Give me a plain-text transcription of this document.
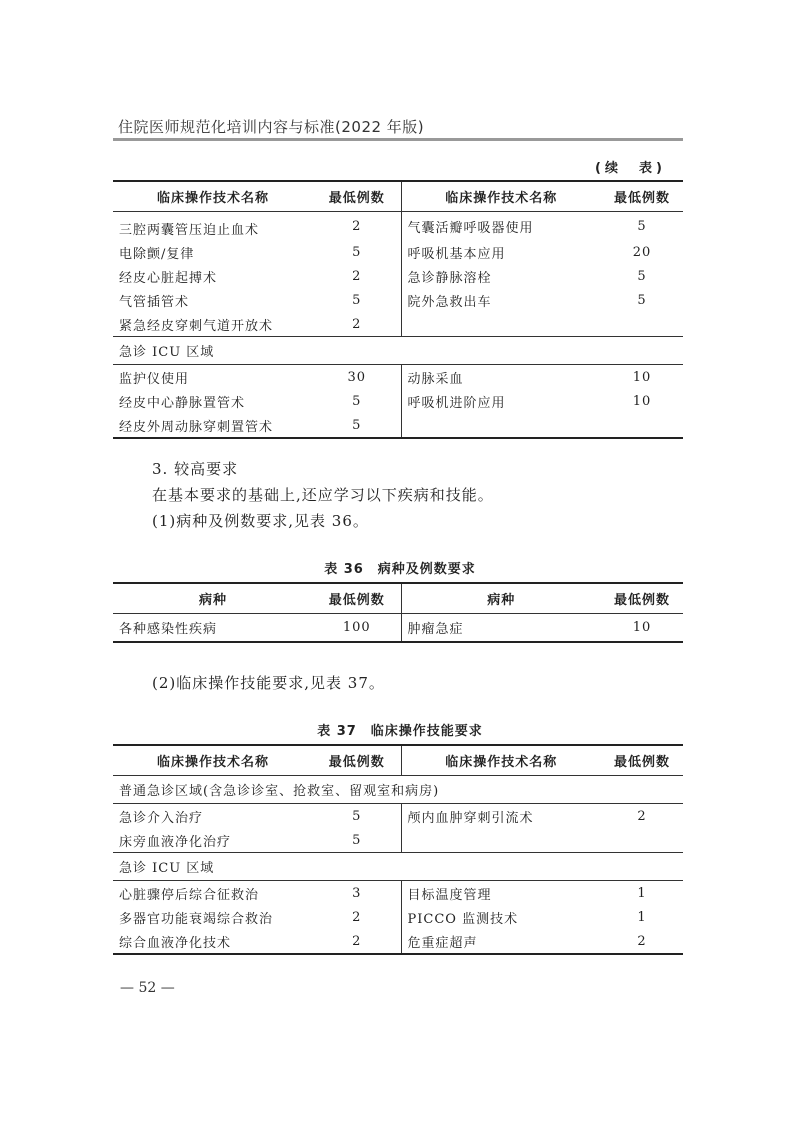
住院医师规范化培训内容与标准(2022 年版)
(续　表)
临床操作技术名称	最低例数	临床操作技术名称	最低例数
三腔两囊管压迫止血术	2	气囊活瓣呼吸器使用	5
电除颤/复律	5	呼吸机基本应用	20
经皮心脏起搏术	2	急诊静脉溶栓	5
气管插管术	5	院外急救出车	5
紧急经皮穿刺气道开放术	2		
急诊 ICU 区域			
监护仪使用	30	动脉采血	10
经皮中心静脉置管术	5	呼吸机进阶应用	10
经皮外周动脉穿刺置管术	5		
3. 较高要求
在基本要求的基础上,还应学习以下疾病和技能。
(1)病种及例数要求,见表 36。
表 36　病种及例数要求
病种	最低例数	病种	最低例数
各种感染性疾病	100	肿瘤急症	10
(2)临床操作技能要求,见表 37。
表 37　临床操作技能要求
临床操作技术名称	最低例数	临床操作技术名称	最低例数
普通急诊区域(含急诊诊室、抢救室、留观室和病房)			
急诊介入治疗	5	颅内血肿穿刺引流术	2
床旁血液净化治疗	5		
急诊 ICU 区域			
心脏骤停后综合征救治	3	目标温度管理	1
多器官功能衰竭综合救治	2	PICCO 监测技术	1
综合血液净化技术	2	危重症超声	2
— 52 —
